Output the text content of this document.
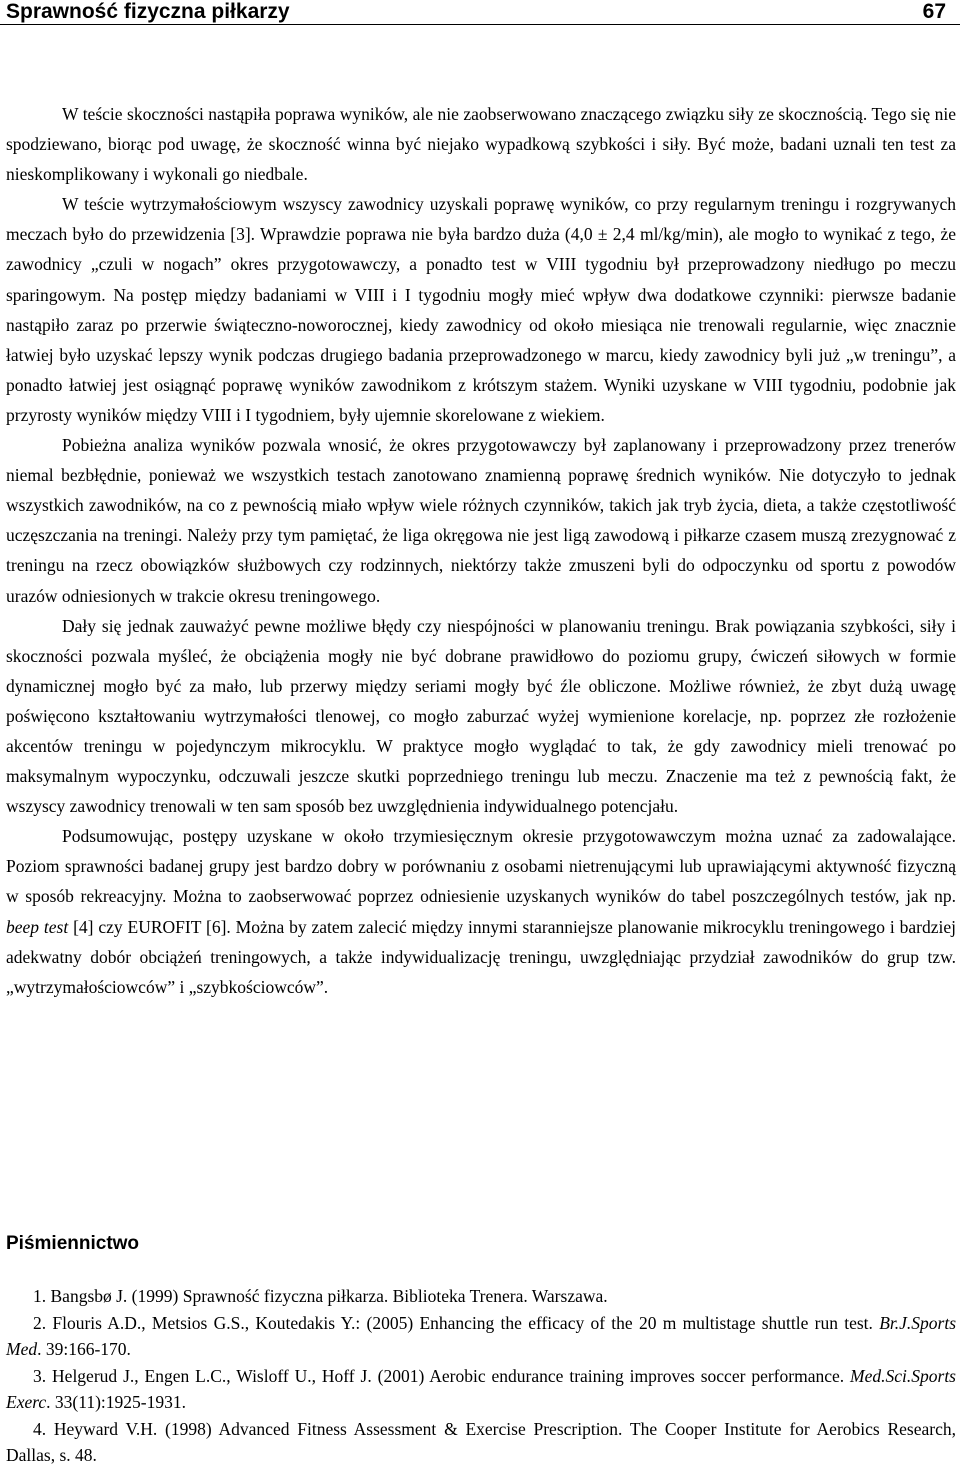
Sprawność fizyczna piłkarzy	67

W teście skoczności nastąpiła poprawa wyników, ale nie zaobserwowano znaczącego związku siły ze skocznością. Tego się nie spodziewano, biorąc pod uwagę, że skoczność winna być niejako wypadkową szybkości i siły. Być może, badani uznali ten test za nieskomplikowany i wykonali go niedbale.

W teście wytrzymałościowym wszyscy zawodnicy uzyskali poprawę wyników, co przy regularnym treningu i rozgrywanych meczach było do przewidzenia [3]. Wprawdzie poprawa nie była bardzo duża (4,0 ± 2,4 ml/kg/min), ale mogło to wynikać z tego, że zawodnicy „czuli w nogach” okres przygotowawczy, a ponadto test w VIII tygodniu był przeprowadzony niedługo po meczu sparingowym. Na postęp między badaniami w VIII i I tygodniu mogły mieć wpływ dwa dodatkowe czynniki: pierwsze badanie nastąpiło zaraz po przerwie świąteczno-noworocznej, kiedy zawodnicy od około miesiąca nie trenowali regularnie, więc znacznie łatwiej było uzyskać lepszy wynik podczas drugiego badania przeprowadzonego w marcu, kiedy zawodnicy byli już „w treningu”, a ponadto łatwiej jest osiągnąć poprawę wyników zawodnikom z krótszym stażem. Wyniki uzyskane w VIII tygodniu, podobnie jak przyrosty wyników między VIII i I tygodniem, były ujemnie skorelowane z wiekiem.

Pobieżna analiza wyników pozwala wnosić, że okres przygotowawczy był zaplanowany i przeprowadzony przez trenerów niemal bezbłędnie, ponieważ we wszystkich testach zanotowano znamienną poprawę średnich wyników. Nie dotyczyło to jednak wszystkich zawodników, na co z pewnością miało wpływ wiele różnych czynników, takich jak tryb życia, dieta, a także częstotliwość uczęszczania na treningi. Należy przy tym pamiętać, że liga okręgowa nie jest ligą zawodową i piłkarze czasem muszą zrezygnować z treningu na rzecz obowiązków służbowych czy rodzinnych, niektórzy także zmuszeni byli do odpoczynku od sportu z powodów urazów odniesionych w trakcie okresu treningowego.

Dały się jednak zauważyć pewne możliwe błędy czy niespójności w planowaniu treningu. Brak powiązania szybkości, siły i skoczności pozwala myśleć, że obciążenia mogły nie być dobrane prawidłowo do poziomu grupy, ćwiczeń siłowych w formie dynamicznej mogło być za mało, lub przerwy między seriami mogły być źle obliczone. Możliwe również, że zbyt dużą uwagę poświęcono kształtowaniu wytrzymałości tlenowej, co mogło zaburzać wyżej wymienione korelacje, np. poprzez złe rozłożenie akcentów treningu w pojedynczym mikrocyklu. W praktyce mogło wyglądać to tak, że gdy zawodnicy mieli trenować po maksymalnym wypoczynku, odczuwali jeszcze skutki poprzedniego treningu lub meczu. Znaczenie ma też z pewnością fakt, że wszyscy zawodnicy trenowali w ten sam sposób bez uwzględnienia indywidualnego potencjału.

Podsumowując, postępy uzyskane w około trzymiesięcznym okresie przygotowawczym można uznać za zadowalające. Poziom sprawności badanej grupy jest bardzo dobry w porównaniu z osobami nietrenującymi lub uprawiającymi aktywność fizyczną w sposób rekreacyjny. Można to zaobserwować poprzez odniesienie uzyskanych wyników do tabel poszczególnych testów, jak np. beep test [4] czy EUROFIT [6]. Można by zatem zalecić między innymi staranniejsze planowanie mikrocyklu treningowego i bardziej adekwatny dobór obciążeń treningowych, a także indywidualizację treningu, uwzględniając przydział zawodników do grup tzw. „wytrzymałościowców” i „szybkościowców”.

Piśmiennictwo
1. Bangsbø J. (1999) Sprawność fizyczna piłkarza. Biblioteka Trenera. Warszawa.
2. Flouris A.D., Metsios G.S., Koutedakis Y.: (2005) Enhancing the efficacy of the 20 m multistage shuttle run test. Br.J.Sports Med. 39:166-170.
3. Helgerud J., Engen L.C., Wisloff U., Hoff J. (2001) Aerobic endurance training improves soccer performance. Med.Sci.Sports Exerc. 33(11):1925-1931.
4. Heyward V.H. (1998) Advanced Fitness Assessment & Exercise Prescription. The Cooper Institute for Aerobics Research, Dallas, s. 48.
